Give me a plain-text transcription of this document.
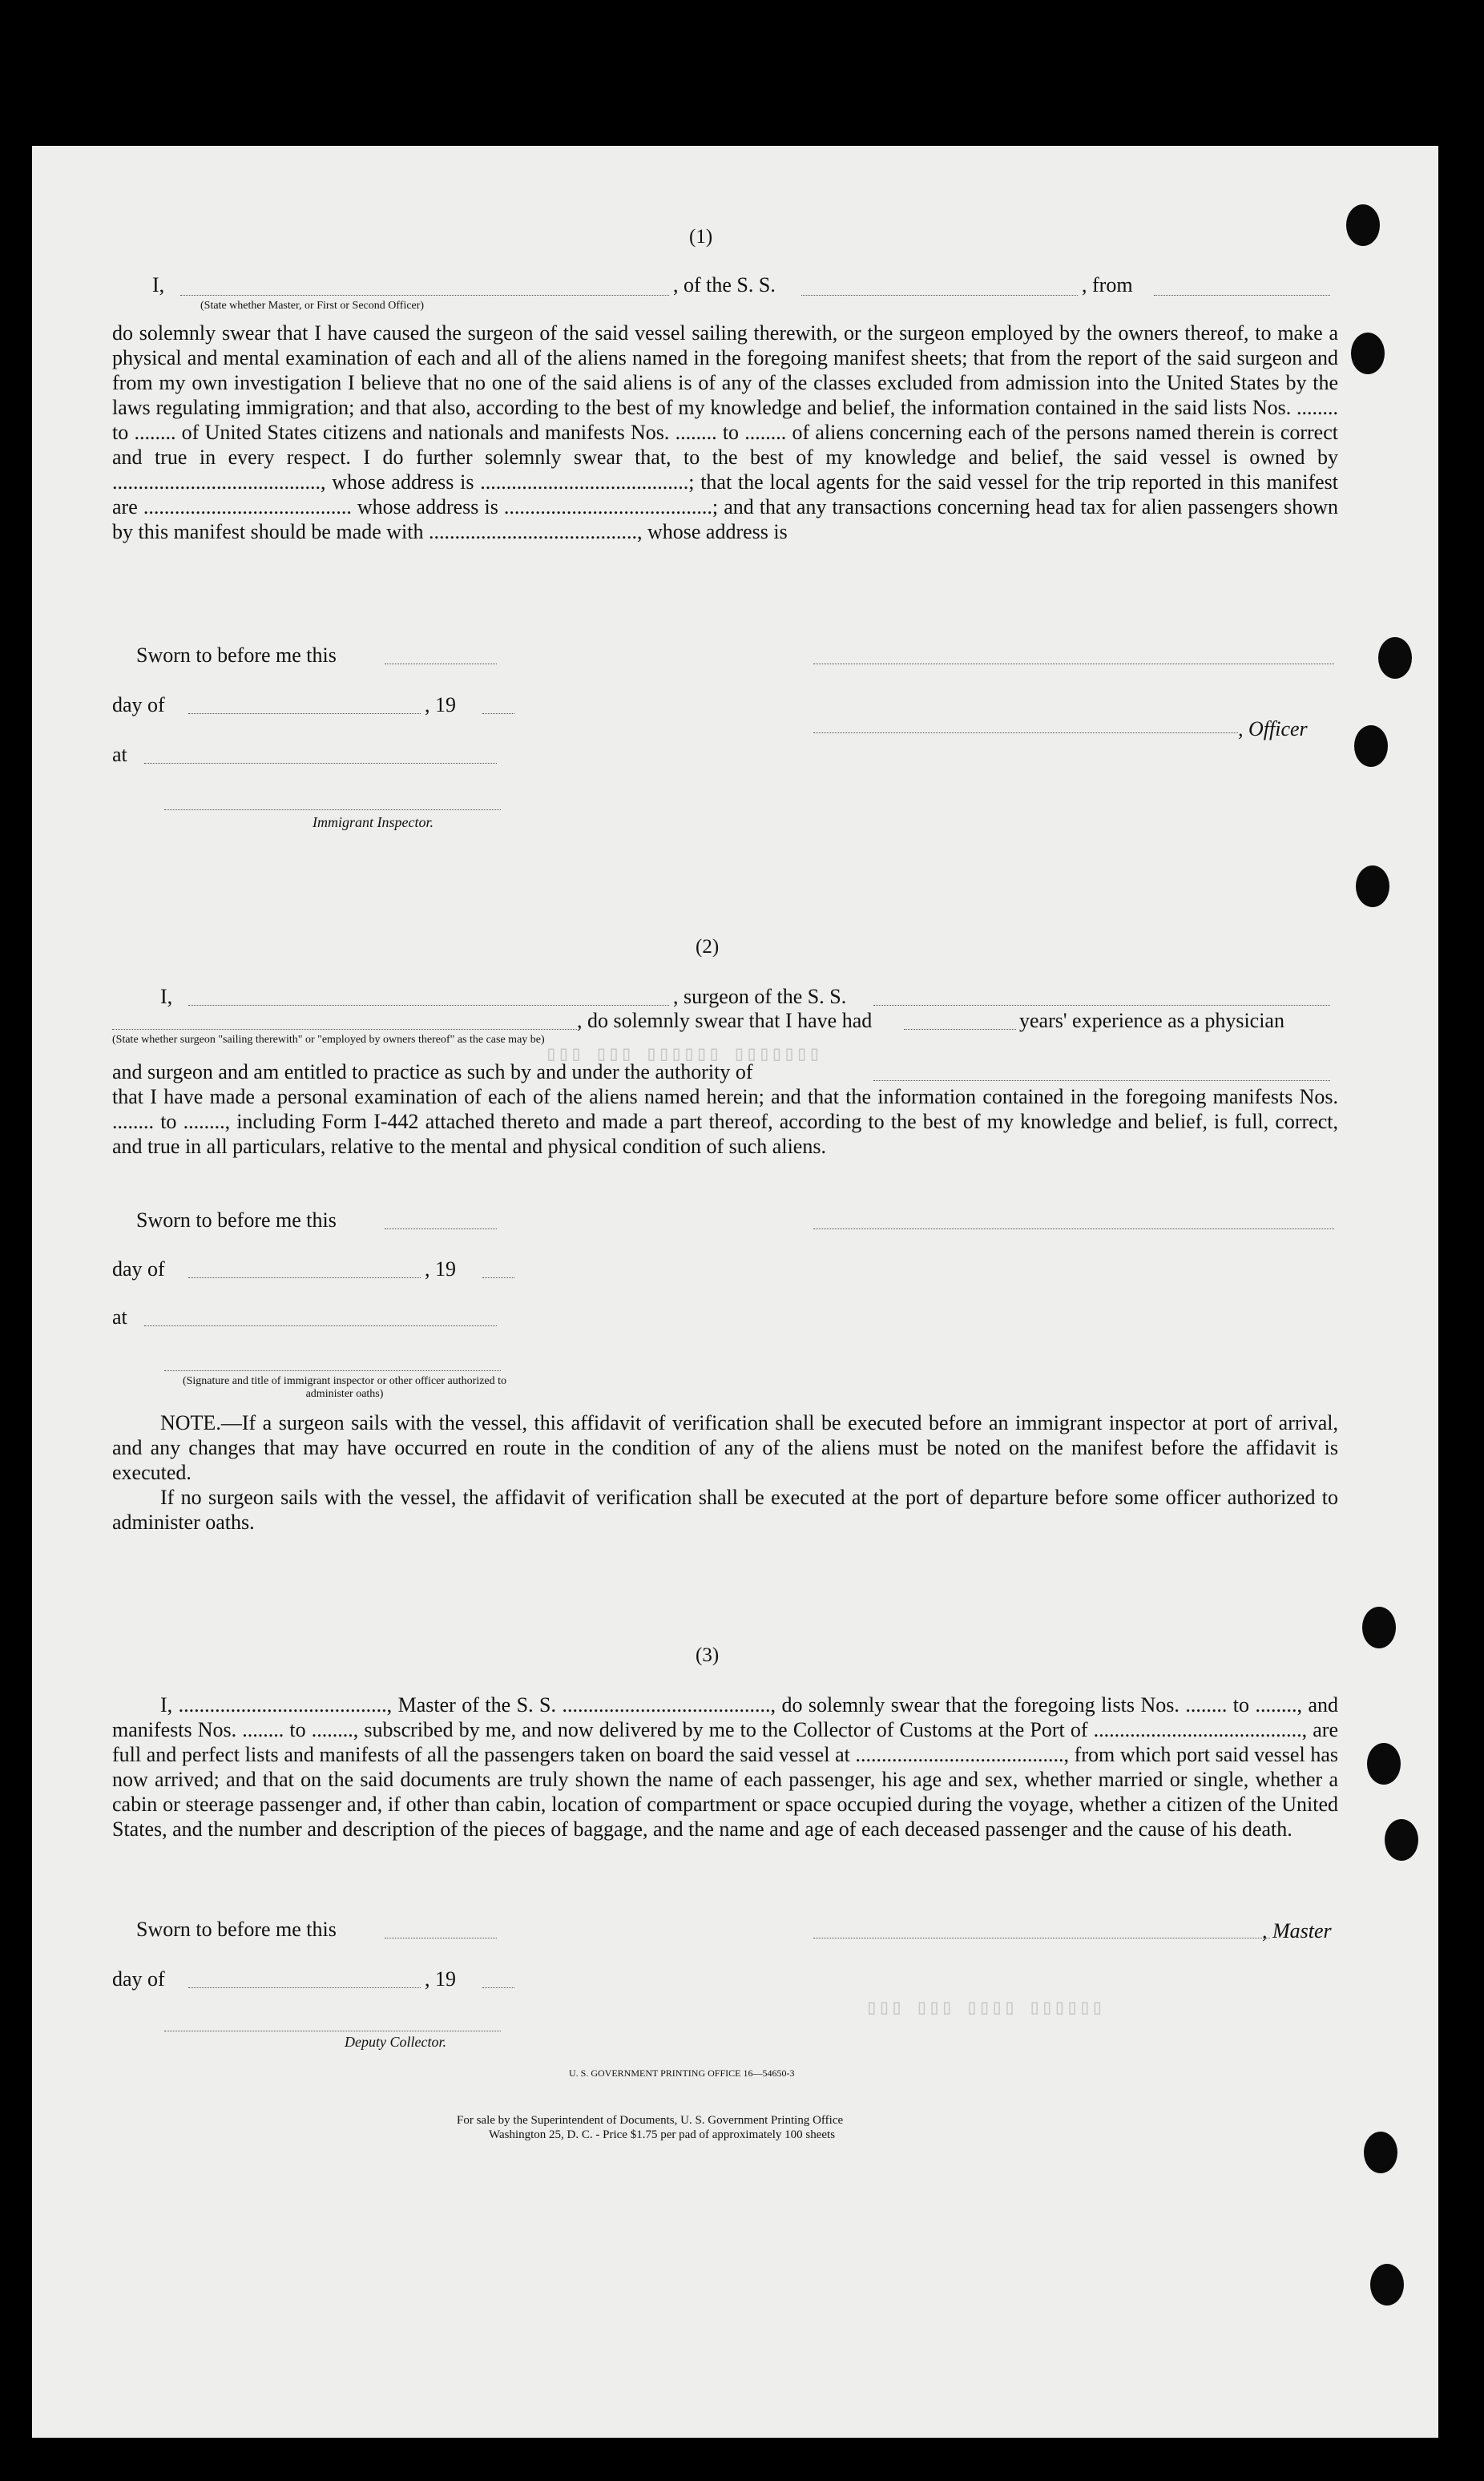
(1)
I,	, of the S. S.	, from
(State whether Master, or First or Second Officer)
do solemnly swear that I have caused the surgeon of the said vessel sailing therewith, or the surgeon employed by the owners thereof, to make a physical and mental examination of each and all of the aliens named in the foregoing manifest sheets; that from the report of the said surgeon and from my own investigation I believe that no one of the said aliens is of any of the classes excluded from admission into the United States by the laws regulating immigration; and that also, according to the best of my knowledge and belief, the information contained in the said lists Nos. ........ to ........ of United States citizens and nationals and manifests Nos. ........ to ........ of aliens concerning each of the persons named therein is correct and true in every respect. I do further solemnly swear that, to the best of my knowledge and belief, the said vessel is owned by ........................................, whose address is ........................................; that the local agents for the said vessel for the trip reported in this manifest are ........................................ whose address is ........................................; and that any transactions concerning head tax for alien passengers shown by this manifest should be made with ........................................, whose address is
Sworn to before me this
day of	, 19
, Officer
at
Immigrant Inspector.
(2)
I,	, surgeon of the S. S.
, do solemnly swear that I have had	years' experience as a physician
(State whether surgeon "sailing therewith" or "employed by owners thereof" as the case may be)
and surgeon and am entitled to practice as such by and under the authority of
that I have made a personal examination of each of the aliens named herein; and that the information contained in the foregoing manifests Nos. ........ to ........, including Form I-442 attached thereto and made a part thereof, according to the best of my knowledge and belief, is full, correct, and true in all particulars, relative to the mental and physical condition of such aliens.
Sworn to before me this
day of	, 19
at
(Signature and title of immigrant inspector or other officer authorized to administer oaths)
NOTE.—If a surgeon sails with the vessel, this affidavit of verification shall be executed before an immigrant inspector at port of arrival, and any changes that may have occurred en route in the condition of any of the aliens must be noted on the manifest before the affidavit is executed.
If no surgeon sails with the vessel, the affidavit of verification shall be executed at the port of departure before some officer authorized to administer oaths.
(3)
I, ........................................, Master of the S. S. ........................................, do solemnly swear that the foregoing lists Nos. ........ to ........, and manifests Nos. ........ to ........, subscribed by me, and now delivered by me to the Collector of Customs at the Port of ........................................, are full and perfect lists and manifests of all the passengers taken on board the said vessel at ........................................, from which port said vessel has now arrived; and that on the said documents are truly shown the name of each passenger, his age and sex, whether married or single, whether a cabin or steerage passenger and, if other than cabin, location of compartment or space occupied during the voyage, whether a citizen of the United States, and the number and description of the pieces of baggage, and the name and age of each deceased passenger and the cause of his death.
Sworn to before me this	, Master
day of	, 19
Deputy Collector.
U. S. GOVERNMENT PRINTING OFFICE 16—54650-3
For sale by the Superintendent of Documents, U. S. Government Printing Office
Washington 25, D. C. - Price $1.75 per pad of approximately 100 sheets
▯▯▯ ▯▯▯ ▯▯▯▯▯▯ ▯▯▯▯▯▯▯
▯▯▯ ▯▯▯ ▯▯▯▯ ▯▯▯▯▯▯
